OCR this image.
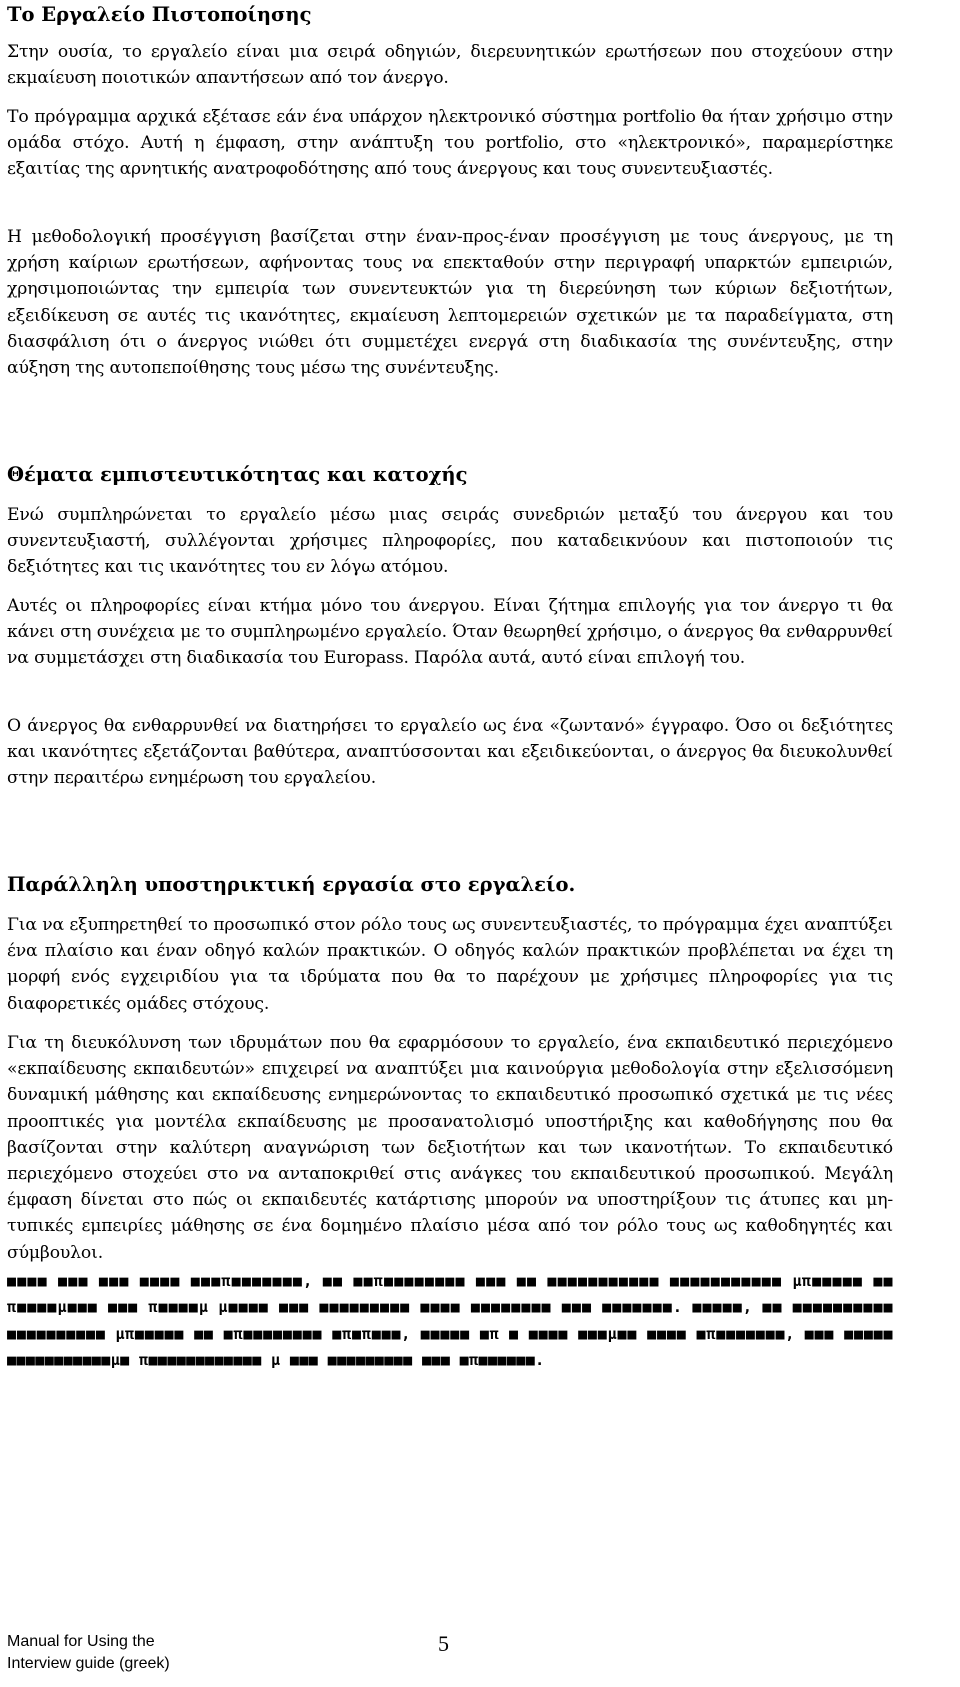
Το Εργαλείο Πιστοποίησης

Στην ουσία, το εργαλείο είναι μια σειρά οδηγιών, διερευνητικών ερωτήσεων που στοχεύουν στην εκμαίευση ποιοτικών απαντήσεων από τον άνεργο.

Το πρόγραμμα αρχικά εξέτασε εάν ένα υπάρχον ηλεκτρονικό σύστημα portfolio θα ήταν χρήσιμο στην ομάδα στόχο. Αυτή η έμφαση, στην ανάπτυξη του portfolio, στο «ηλεκτρονικό», παραμερίστηκε εξαιτίας της αρνητικής ανατροφοδότησης από τους άνεργους και τους συνεντευξιαστές.

Η μεθοδολογική προσέγγιση βασίζεται στην έναν-προς-έναν προσέγγιση με τους άνεργους, με τη χρήση καίριων ερωτήσεων, αφήνοντας τους να επεκταθούν στην περιγραφή υπαρκτών εμπειριών, χρησιμοποιώντας την εμπειρία των συνεντευκτών για τη διερεύνηση των κύριων δεξιοτήτων, εξειδίκευση σε αυτές τις ικανότητες, εκμαίευση λεπτομερειών σχετικών με τα παραδείγματα, στη διασφάλιση ότι ο άνεργος νιώθει ότι συμμετέχει ενεργά στη διαδικασία της συνέντευξης, στην αύξηση της αυτοπεποίθησης τους μέσω της συνέντευξης.

Θέματα εμπιστευτικότητας και κατοχής

Ενώ συμπληρώνεται το εργαλείο μέσω μιας σειράς συνεδριών μεταξύ του άνεργου και του συνεντευξιαστή, συλλέγονται χρήσιμες πληροφορίες, που καταδεικνύουν και πιστοποιούν τις δεξιότητες και τις ικανότητες του εν λόγω ατόμου.

Αυτές οι πληροφορίες είναι κτήμα μόνο του άνεργου. Είναι ζήτημα επιλογής για τον άνεργο τι θα κάνει στη συνέχεια με το συμπληρωμένο εργαλείο. Όταν θεωρηθεί χρήσιμο, ο άνεργος θα ενθαρρυνθεί να συμμετάσχει στη διαδικασία του Europass. Παρόλα αυτά, αυτό είναι επιλογή του.

Ο άνεργος θα ενθαρρυνθεί να διατηρήσει το εργαλείο ως ένα «ζωντανό» έγγραφο. Όσο οι δεξιότητες και ικανότητες εξετάζονται βαθύτερα, αναπτύσσονται και εξειδικεύονται, ο άνεργος θα διευκολυνθεί στην περαιτέρω ενημέρωση του εργαλείου.

Παράλληλη υποστηρικτική εργασία στο εργαλείο.

Για να εξυπηρετηθεί το προσωπικό στον ρόλο τους ως συνεντευξιαστές, το πρόγραμμα έχει αναπτύξει ένα πλαίσιο και έναν οδηγό καλών πρακτικών. Ο οδηγός καλών πρακτικών προβλέπεται να έχει τη μορφή ενός εγχειριδίου για τα ιδρύματα που θα το παρέχουν με χρήσιμες πληροφορίες για τις διαφορετικές ομάδες στόχους.

Για τη διευκόλυνση των ιδρυμάτων που θα εφαρμόσουν το εργαλείο, ένα εκπαιδευτικό περιεχόμενο «εκπαίδευσης εκπαιδευτών» επιχειρεί να αναπτύξει μια καινούργια μεθοδολογία στην εξελισσόμενη δυναμική μάθησης και εκπαίδευσης ενημερώνοντας το εκπαιδευτικό προσωπικό σχετικά με τις νέες προοπτικές για μοντέλα εκπαίδευσης με προσανατολισμό υποστήριξης και καθοδήγησης που θα βασίζονται στην καλύτερη αναγνώριση των δεξιοτήτων και των ικανοτήτων. Το εκπαιδευτικό περιεχόμενο στοχεύει στο να ανταποκριθεί στις ανάγκες του εκπαιδευτικού προσωπικού. Μεγάλη έμφαση δίνεται στο πώς οι εκπαιδευτές κατάρτισης μπορούν να υποστηρίξουν τις άτυπες και μη-τυπικές εμπειρίες μάθησης σε ένα δομημένο πλαίσιο μέσα από τον ρόλο τους ως καθοδηγητές και σύμβουλοι.

■■■■ ■■■ ■■■ ■■■■ ■■■π■■■■■■■, ■■ ■■π■■■■■■■■ ■■■ ■■ ■■■■■■■■■■■ ■■■■■■■■■■■ μπ■■■■■ ■■ π■■■■μ■■■ ■■■ π■■■■μ μ■■■■ ■■■ ■■■■■■■■■ ■■■■ ■■■■■■■■ ■■■ ■■■■■■■. ■■■■■, ■■ ■■■■■■■■■■ ■■■■■■■■■■ μπ■■■■■ ■■ ■π■■■■■■■■ ■π■π■■■, ■■■■■ ■π ■ ■■■■ ■■■μ■■ ■■■■ ■π■■■■■■■, ■■■ ■■■■■ ■■■■■■■■■■■μ■ π■■■■■■■■■■■■ μ ■■■ ■■■■■■■■■ ■■■ ■π■■■■■■.

Manual for Using the
Interview guide (greek)
5
